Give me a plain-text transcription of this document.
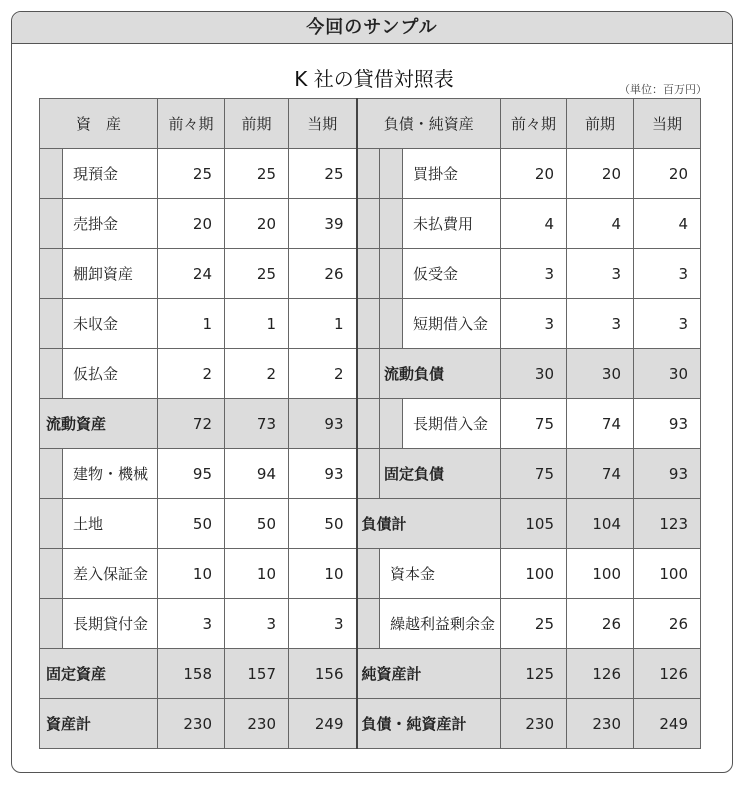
今回のサンプル
K 社の貸借対照表	（単位：百万円）
資　産		前々期	前期	当期	負債・純資産			前々期	前期	当期
	現預金	25	25	25			買掛金	20	20	20
	売掛金	20	20	39			未払費用	4	4	4
	棚卸資産	24	25	26			仮受金	3	3	3
	未収金	1	1	1			短期借入金	3	3	3
	仮払金	2	2	2		流動負債		30	30	30
流動資産		72	73	93			長期借入金	75	74	93
	建物・機械	95	94	93		固定負債		75	74	93
	土地	50	50	50	負債計			105	104	123
	差入保証金	10	10	10		資本金		100	100	100
	長期貸付金	3	3	3		繰越利益剰余金		25	26	26
固定資産		158	157	156	純資産計			125	126	126
資産計		230	230	249	負債・純資産計			230	230	249
